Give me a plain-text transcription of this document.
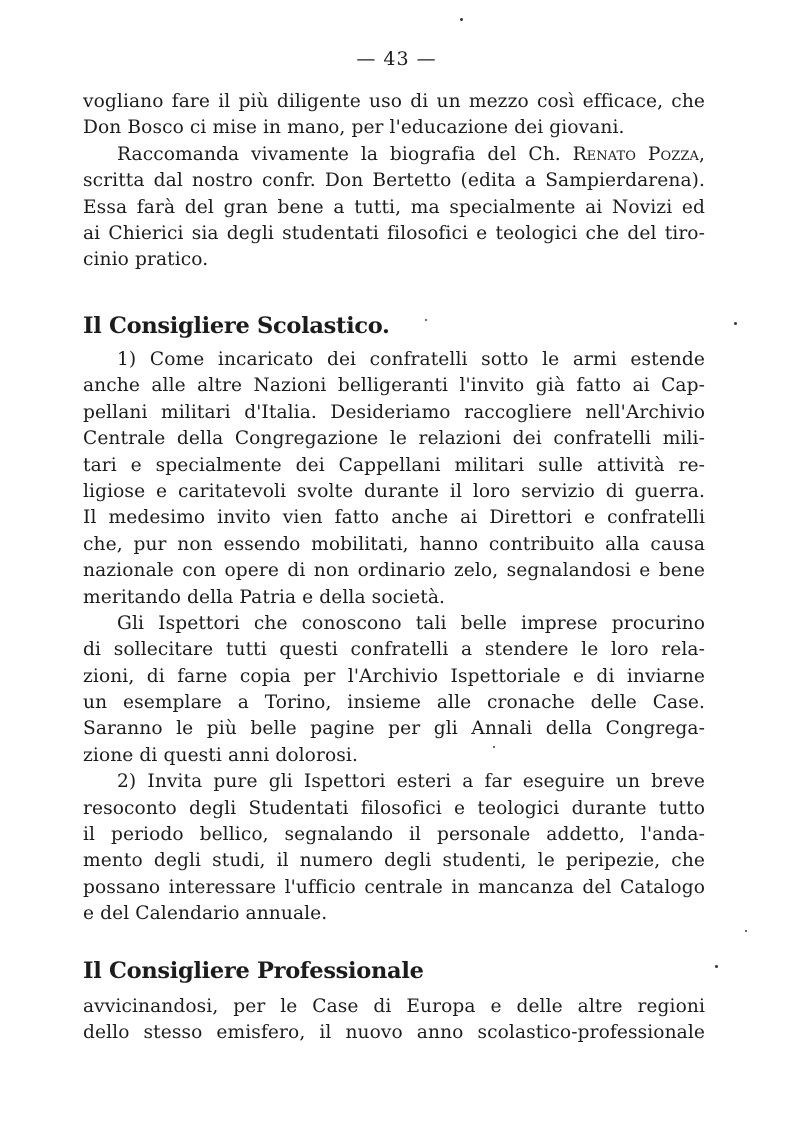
— 43 —
vogliano fare il più diligente uso di un mezzo così efficace, che
Don Bosco ci mise in mano, per l'educazione dei giovani.
Raccomanda vivamente la biografia del Ch. Renato Pozza,
scritta dal nostro confr. Don Bertetto (edita a Sampierdarena).
Essa farà del gran bene a tutti, ma specialmente ai Novizi ed
ai Chierici sia degli studentati filosofici e teologici che del tiro-
cinio pratico.
Il Consigliere Scolastico.
1) Come incaricato dei confratelli sotto le armi estende
anche alle altre Nazioni belligeranti l'invito già fatto ai Cap-
pellani militari d'Italia. Desideriamo raccogliere nell'Archivio
Centrale della Congregazione le relazioni dei confratelli mili-
tari e specialmente dei Cappellani militari sulle attività re-
ligiose e caritatevoli svolte durante il loro servizio di guerra.
Il medesimo invito vien fatto anche ai Direttori e confratelli
che, pur non essendo mobilitati, hanno contribuito alla causa
nazionale con opere di non ordinario zelo, segnalandosi e bene
meritando della Patria e della società.
Gli Ispettori che conoscono tali belle imprese procurino
di sollecitare tutti questi confratelli a stendere le loro rela-
zioni, di farne copia per l'Archivio Ispettoriale e di inviarne
un esemplare a Torino, insieme alle cronache delle Case.
Saranno le più belle pagine per gli Annali della Congrega-
zione di questi anni dolorosi.
2) Invita pure gli Ispettori esteri a far eseguire un breve
resoconto degli Studentati filosofici e teologici durante tutto
il periodo bellico, segnalando il personale addetto, l'anda-
mento degli studi, il numero degli studenti, le peripezie, che
possano interessare l'ufficio centrale in mancanza del Catalogo
e del Calendario annuale.
Il Consigliere Professionale
avvicinandosi, per le Case di Europa e delle altre regioni
dello stesso emisfero, il nuovo anno scolastico-professionale
